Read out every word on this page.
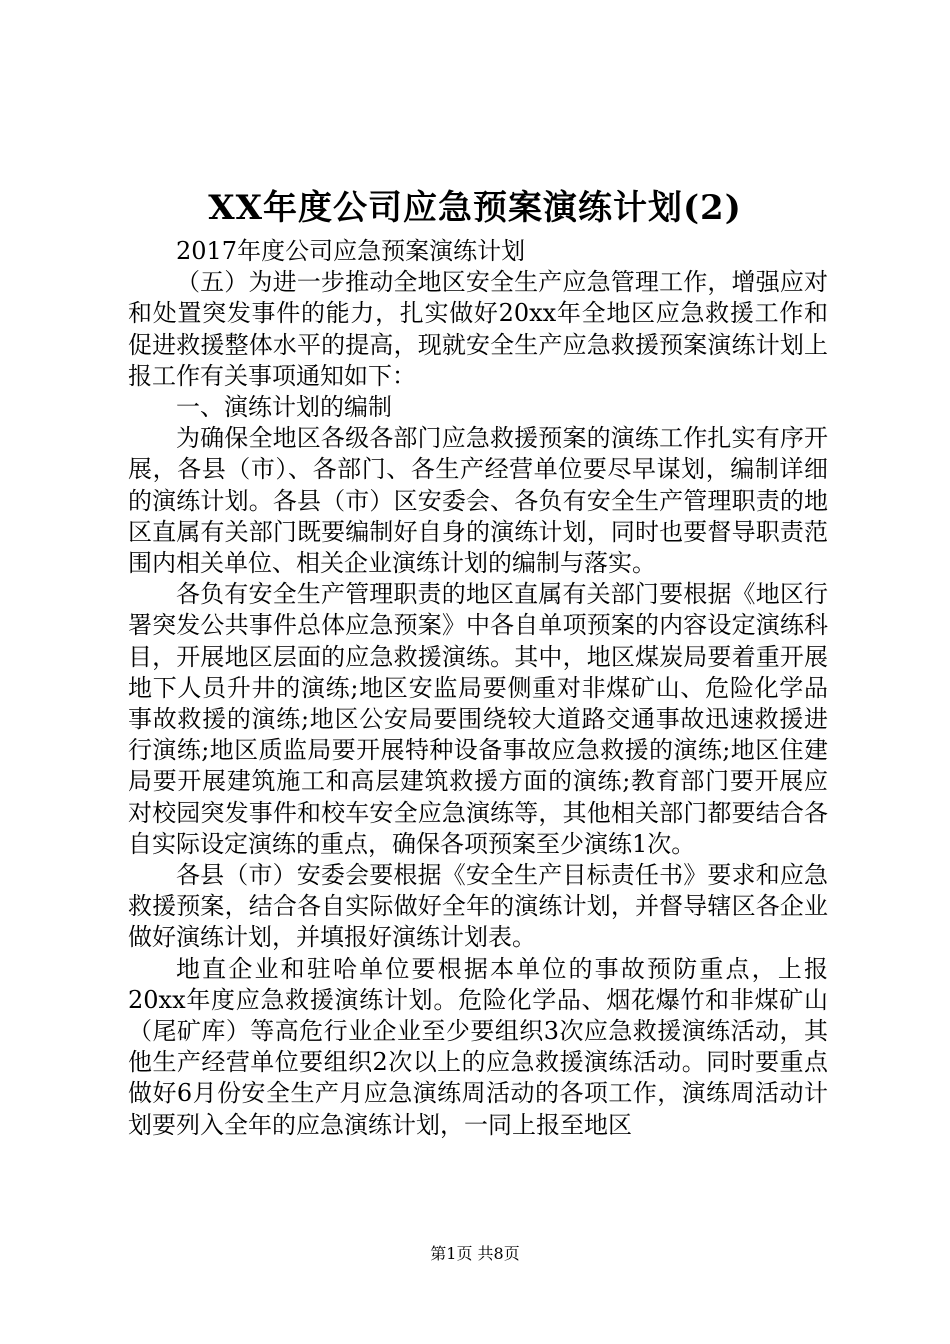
XX年度公司应急预案演练计划(2)

2017年度公司应急预案演练计划

（五）为进一步推动全地区安全生产应急管理工作，增强应对和处置突发事件的能力，扎实做好20xx年全地区应急救援工作和促进救援整体水平的提高，现就安全生产应急救援预案演练计划上报工作有关事项通知如下：

一、演练计划的编制

为确保全地区各级各部门应急救援预案的演练工作扎实有序开展，各县（市）、各部门、各生产经营单位要尽早谋划，编制详细的演练计划。各县（市）区安委会、各负有安全生产管理职责的地区直属有关部门既要编制好自身的演练计划，同时也要督导职责范围内相关单位、相关企业演练计划的编制与落实。

各负有安全生产管理职责的地区直属有关部门要根据《地区行署突发公共事件总体应急预案》中各自单项预案的内容设定演练科目，开展地区层面的应急救援演练。其中，地区煤炭局要着重开展地下人员升井的演练;地区安监局要侧重对非煤矿山、危险化学品事故救援的演练;地区公安局要围绕较大道路交通事故迅速救援进行演练;地区质监局要开展特种设备事故应急救援的演练;地区住建局要开展建筑施工和高层建筑救援方面的演练;教育部门要开展应对校园突发事件和校车安全应急演练等，其他相关部门都要结合各自实际设定演练的重点，确保各项预案至少演练1次。

各县（市）安委会要根据《安全生产目标责任书》要求和应急救援预案，结合各自实际做好全年的演练计划，并督导辖区各企业做好演练计划，并填报好演练计划表。

地直企业和驻哈单位要根据本单位的事故预防重点，上报20xx年度应急救援演练计划。危险化学品、烟花爆竹和非煤矿山（尾矿库）等高危行业企业至少要组织3次应急救援演练活动，其他生产经营单位要组织2次以上的应急救援演练活动。同时要重点做好6月份安全生产月应急演练周活动的各项工作，演练周活动计划要列入全年的应急演练计划，一同上报至地区

第1页 共8页
